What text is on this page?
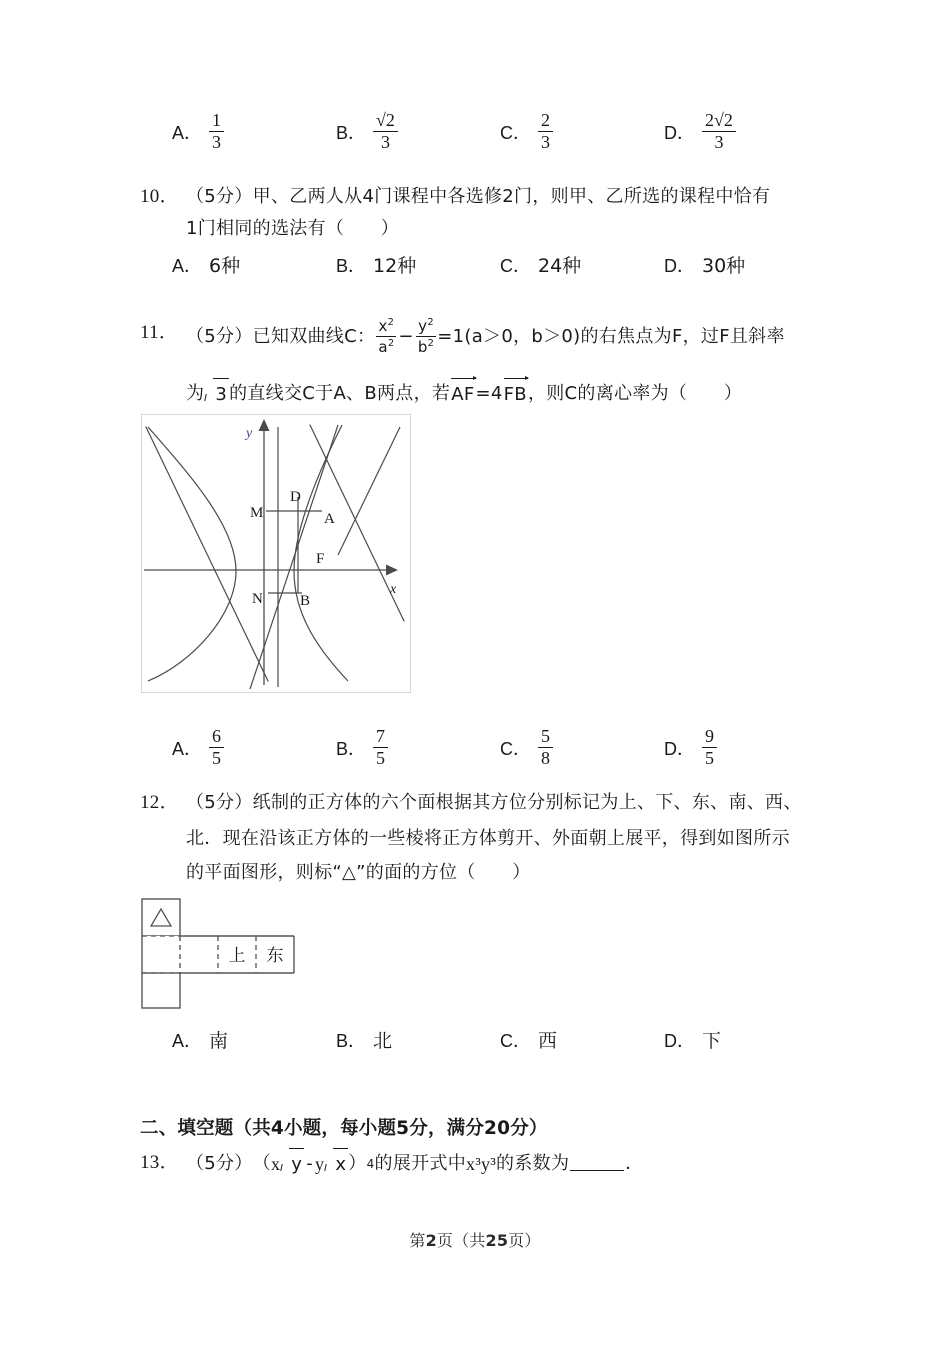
A． $\frac{1}{3}$	B． $\frac{√2}{3}$	C． $\frac{2}{3}$	D． $\frac{2√2}{3}$
10． （5分）甲、乙两人从4门课程中各选修2门，则甲、乙所选的课程中恰有
1门相同的选法有（　　）
A． 6种	B． 12种	C． 24种	D． 30种
11． （5分） 已知双曲线C： $\frac{x^2}{a^2} - \frac{y^2}{b^2} =1(a>0$，b＞0)的右焦点为F，过F且斜率
为 3 的直线交C于A、B两点，若 AF =4 FB ，则C的离心率为（　　）
y
x
M
D
A
F
N B
A． $\frac{6}{5}$	B． $\frac{7}{5}$	C． $\frac{5}{8}$	D． $\frac{9}{5}$
12． （5分）纸制的正方体的六个面根据其方位分别标记为上、下、东、南、西、
北．现在沿该正方体的一些棱将正方体剪开、外面朝上展平，得到如图所示
的平面图形，则标“△”的面的方位（　　）
上 东
A． 南	B． 北	C． 西	D． 下
二、填空题（共4小题，每小题5分，满分20分）
13． （5分） （ x y - y x ） 4 的展开式中 x³y³ 的系数为	．
第2页（共25页）
